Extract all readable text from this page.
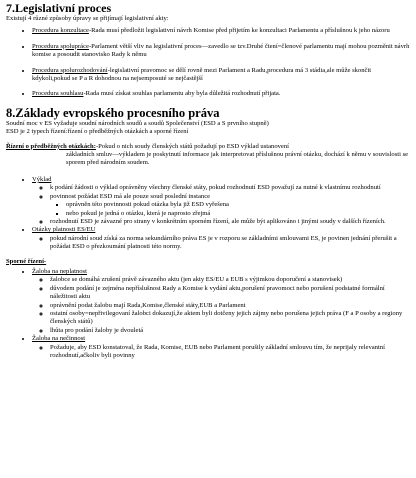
7.Legislativní proces

Existují 4 různé způsoby úpravy se přijímají legislativní akty:

• Procedura konzultace-Rada musí předložit legislativní návrh Komise před přijetím ke konzultaci Parlamentu a příslušnou k jeho názoru
• Procedura spolupráce-Parlament větší vliv na legislativní proces—zavedlo se tzv.Druhé čtení=členové parlamentu mají mohou pozměnit návrh komise a posoudit stanovisko Rady k němu
• Procedura spolurozhodování-legislativní pravomoc se dělí rovně mezi Parlament a Radu,procedura má 3 stádia,ale může skončit kdykoli,pokud se P a R dohodnou na nejsemposuté se nejčastější
• Procedura souhlasu-Rada musí získat souhlas parlamentu aby byla důležitá rozhodnutí přijata.
8.Základy evropského procesního práva

Soudní moc v ES vyžaduje soudní národních soudů a soudů Společenství (ESD a S prvního stupně)

ESD je 2 typech řízení:řízení o předběžných otázkách a sporné řízení

Řízení o předběžných otázkách:-Pokud o nich soudy členských států požadují po ESD výklad ustanovení

základních smluv—výkladem je poskytnutí informace jak interpretovat příslušnou právní otázku, dochází k němu v souvislosti se sporem před národním soudem.

• Výklad
◦ k podání žádosti o výklad oprávněny všechny členské státy, pokud rozhodnutí ESD považují za nutné k vlastnímu rozhodnutí
◦ povinnost požádat ESD má ale pouze soud poslední instance
▪ oprávněn této povinnosti pokud otázka byla již ESD vyřešena
▪ nebo pokud je jedná o otázku, která je naprosto zřejmá
◦ rozhodnutí ESD je závazné pro strany v konkrétním sporném řízení, ale může být aplikováno i jinými soudy v dalších řízeních.
• Otázky platnosti ES/EU
◦ pokud národní soud získá za norma sekundárního práva ES je v rozporu se základními smlouvami ES, je povinen jednání přerušit a požádat ESD o přezkoumání platnosti této normy.

Sporné řízení-

• Žaloba na neplatnost
◦ žalobce se domáhá zrušení právě závazného aktu (jen akty ES/EU a EUB s výjimkou doporučení a stanovisek)
◦ důvodem podání je zejména nepříslušnost Rady a Komise k vydání aktu,porušení pravomoci nebo porušení podstatné formální náležitosti aktu
◦ oprávnění podat žalobu mají Rada,Komise,členské státy,EUB a Parlament
◦ ostatní osoby=nepřivilegovaní žalobci dokazují,že aktem byli dotčeny jejich zájmy nebo porušena jejich práva (F a P osoby a regiony členských států)
◦ lhůta pro podání žaloby je dvouletá
• Žaloba na nečinnost
◦ Požaduje, aby ESD konstatoval, že Rada, Komise, EUB nebo Parlament porušily základní smlouvu tím, že neprijaly relevantní rozhodnutí,ačkoliv byli povinny
